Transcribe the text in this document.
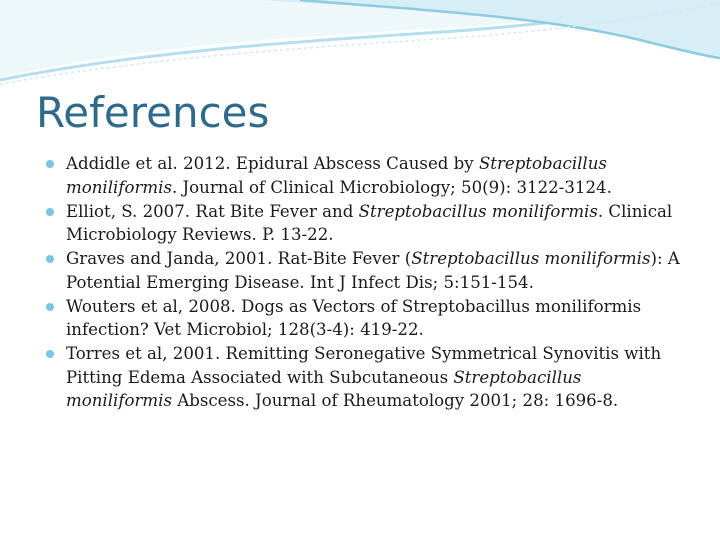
References
Addidle et al. 2012. Epidural Abscess Caused by Streptobacillus moniliformis. Journal of Clinical Microbiology; 50(9): 3122-3124.
Elliot, S. 2007. Rat Bite Fever and Streptobacillus moniliformis. Clinical Microbiology Reviews. P. 13-22.
Graves and Janda, 2001. Rat-Bite Fever (Streptobacillus moniliformis): A Potential Emerging Disease. Int J Infect Dis; 5:151-154.
Wouters et al, 2008. Dogs as Vectors of Streptobacillus moniliformis infection? Vet Microbiol; 128(3-4): 419-22.
Torres et al, 2001. Remitting Seronegative Symmetrical Synovitis with Pitting Edema Associated with Subcutaneous Streptobacillus moniliformis Abscess. Journal of Rheumatology 2001; 28: 1696-8.
